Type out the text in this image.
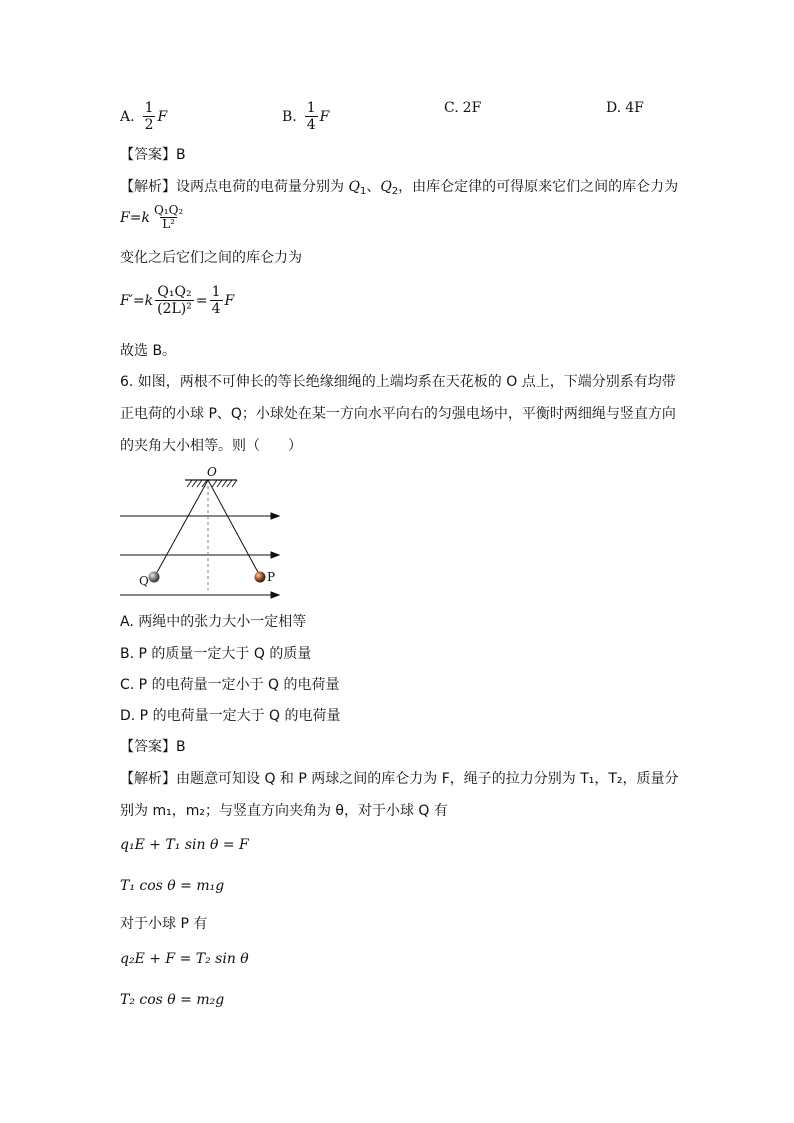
A. $\frac{1}{2}$ F	B. $\frac{1}{4}$ F
C. 2F	D. 4F
【答案】B
【解析】设两点电荷的电荷量分别为 $Q_1$、$Q_2$，由库仑定律的可得原来它们之间的库仑力为
F = k $\frac{\text{Q₁Q₂}}{\text{L²}}$
变化之后它们之间的库仑力为
F′ = k $\frac{\text{Q₁Q₂}}{\text{(2L)²}} = \frac{1}{4}$ F
故选 B。
6. 如图，两根不可伸长的等长绝缘细绳的上端均系在天花板的 O 点上，下端分别系有均带
正电荷的小球 P、Q；小球处在某一方向水平向右的匀强电场中，平衡时两细绳与竖直方向
的夹角大小相等。则（　　）
O
Q	P
A. 两绳中的张力大小一定相等
B. P 的质量一定大于 Q 的质量
C. P 的电荷量一定小于 Q 的电荷量
D. P 的电荷量一定大于 Q 的电荷量
【答案】B
【解析】由题意可知设 Q 和 P 两球之间的库仑力为 F，绳子的拉力分别为 T₁，T₂，质量分
别为 m₁，m₂；与竖直方向夹角为 θ，对于小球 Q 有
q₁E + T₁ sin θ = F
T₁ cos θ = m₁g
对于小球 P 有
q₂E + F = T₂ sin θ
T₂ cos θ = m₂g
